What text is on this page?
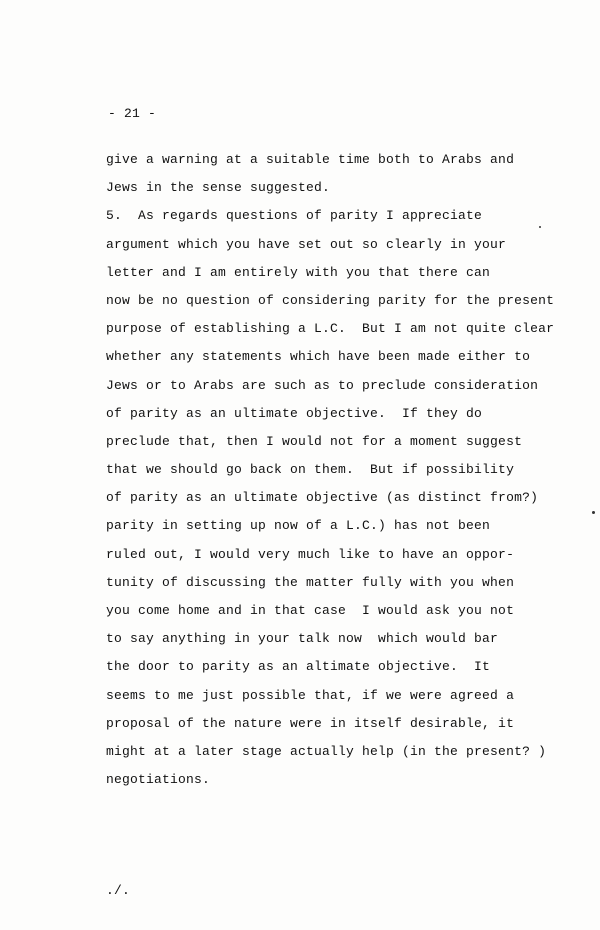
- 21 -
give a warning at a suitable time both to Arabs and
Jews in the sense suggested.
5.  As regards questions of parity I appreciate
argument which you have set out so clearly in your
letter and I am entirely with you that there can
now be no question of considering parity for the present
purpose of establishing a L.C.  But I am not quite clear
whether any statements which have been made either to
Jews or to Arabs are such as to preclude consideration
of parity as an ultimate objective.  If they do
preclude that, then I would not for a moment suggest
that we should go back on them.  But if possibility
of parity as an ultimate objective (as distinct from?)
parity in setting up now of a L.C.) has not been
ruled out, I would very much like to have an oppor-
tunity of discussing the matter fully with you when
you come home and in that case  I would ask you not
to say anything in your talk now  which would bar
the door to parity as an altimate objective.  It
seems to me just possible that, if we were agreed a
proposal of the nature were in itself desirable, it
might at a later stage actually help (in the present? )
negotiations.
./.
